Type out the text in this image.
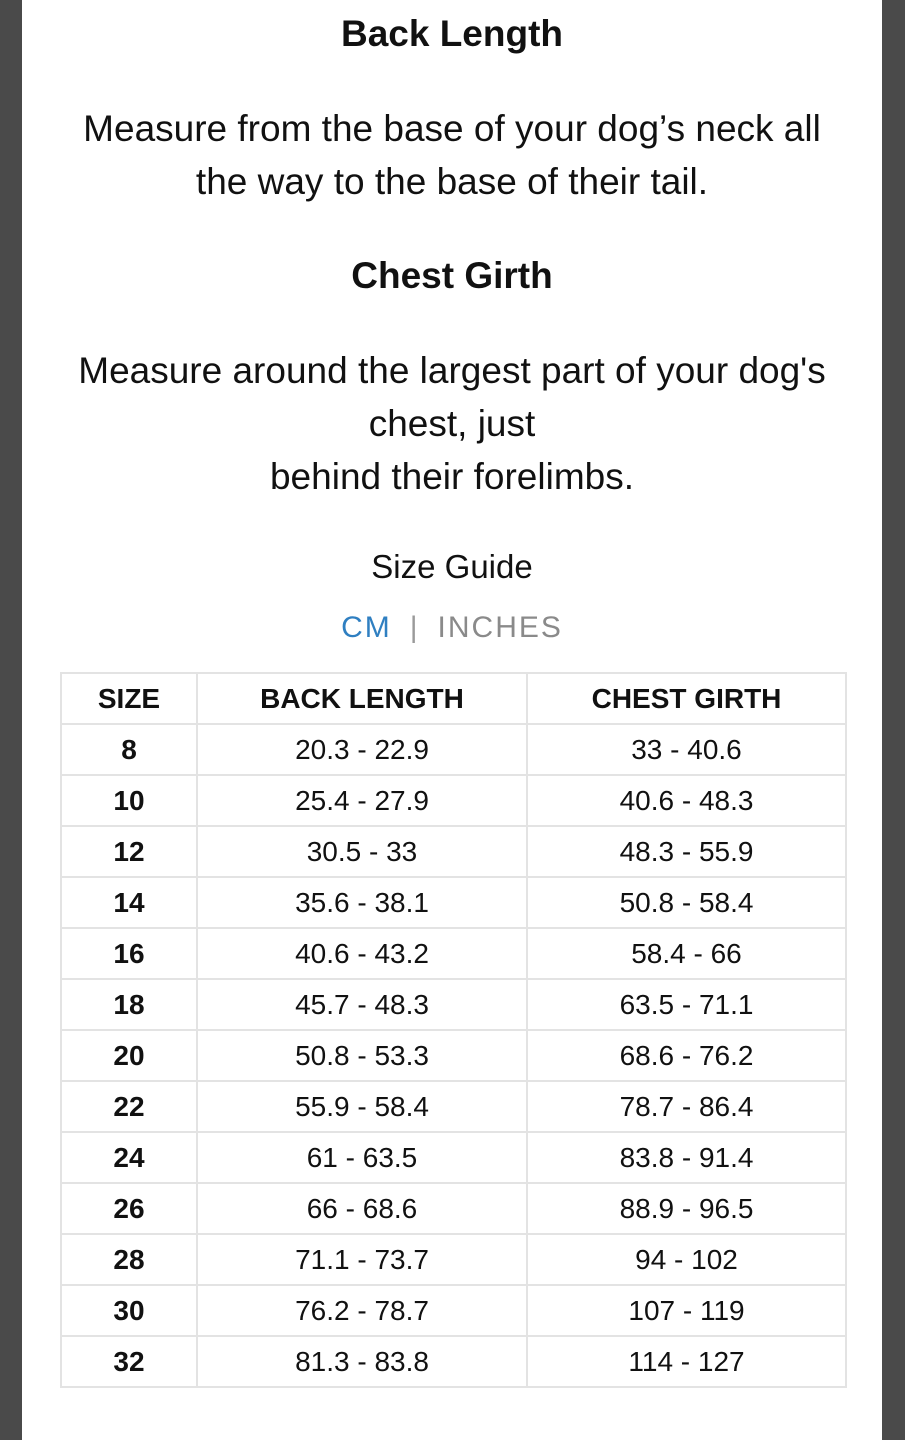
Back Length

Measure from the base of your dog’s neck all the way to the base of their tail.

Chest Girth

Measure around the largest part of your dog's chest, just
behind their forelimbs.

Size Guide
CM | INCHES
SIZE	BACK LENGTH	CHEST GIRTH
8	20.3 - 22.9	33 - 40.6
10	25.4 - 27.9	40.6 - 48.3
12	30.5 - 33	48.3 - 55.9
14	35.6 - 38.1	50.8 - 58.4
16	40.6 - 43.2	58.4 - 66
18	45.7 - 48.3	63.5 - 71.1
20	50.8 - 53.3	68.6 - 76.2
22	55.9 - 58.4	78.7 - 86.4
24	61 - 63.5	83.8 - 91.4
26	66 - 68.6	88.9 - 96.5
28	71.1 - 73.7	94 - 102
30	76.2 - 78.7	107 - 119
32	81.3 - 83.8	114 - 127
